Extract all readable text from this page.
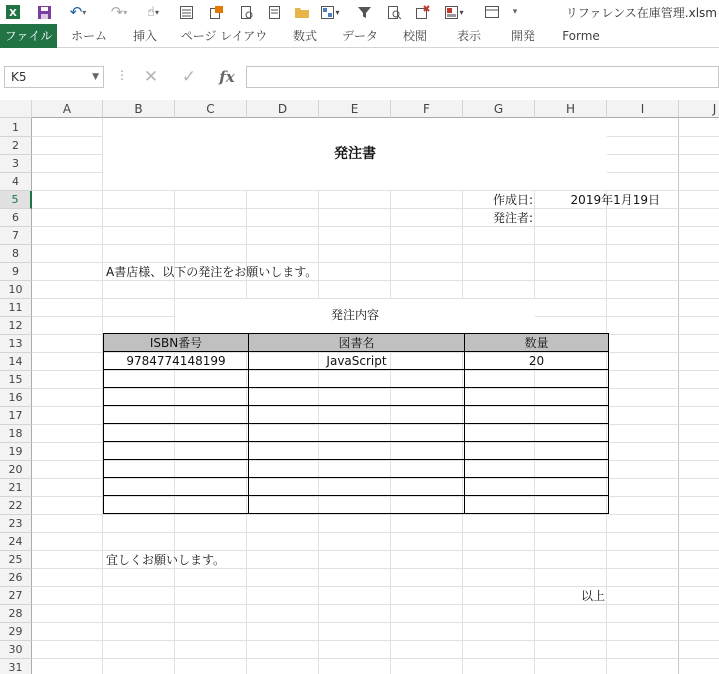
X	↶ ▾	↷ ▾	☝ ▾	▾	▾	▾	リファレンス在庫管理.xlsm
ファイル	ホーム	挿入	ページ レイアウ	数式	データ	校閲	表示	開発	Forme
K5	▼ ⋮ ✕	✓	fx
A	B	C	D	E	F	G	H	I	J
1
2
3
4
5
6
7
8
9
10
11
12
13
14
15
16
17
18
19
20
21
22
23
24
25
26
27
28
29
30
31
発注書
作成日:	2019年1月19日
発注者:
A書店様、以下の発注をお願いします。
発注内容
ISBN番号	図書名	数量
9784774148199	JavaScript	20

宜しくお願いします。
以上
